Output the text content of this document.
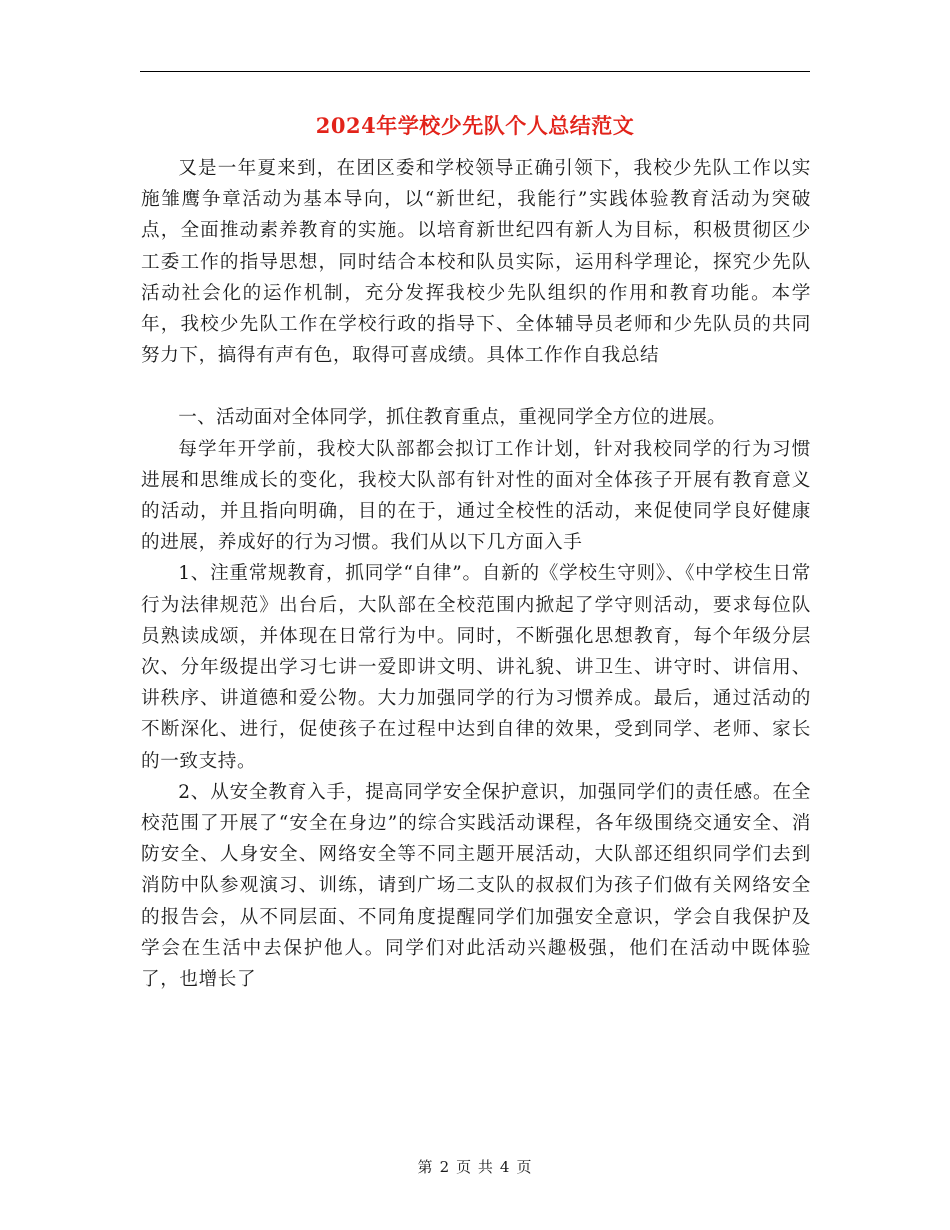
2024年学校少先队个人总结范文

又是一年夏来到，在团区委和学校领导正确引领下，我校少先队工作以实施雏鹰争章活动为基本导向，以“新世纪，我能行”实践体验教育活动为突破点，全面推动素养教育的实施。以培育新世纪四有新人为目标，积极贯彻区少工委工作的指导思想，同时结合本校和队员实际，运用科学理论，探究少先队活动社会化的运作机制，充分发挥我校少先队组织的作用和教育功能。本学年，我校少先队工作在学校行政的指导下、全体辅导员老师和少先队员的共同努力下，搞得有声有色，取得可喜成绩。具体工作作自我总结

一、活动面对全体同学，抓住教育重点，重视同学全方位的进展。

每学年开学前，我校大队部都会拟订工作计划，针对我校同学的行为习惯进展和思维成长的变化，我校大队部有针对性的面对全体孩子开展有教育意义的活动，并且指向明确，目的在于，通过全校性的活动，来促使同学良好健康的进展，养成好的行为习惯。我们从以下几方面入手

1、注重常规教育，抓同学“自律”。自新的《学校生守则》、《中学校生日常行为法律规范》出台后，大队部在全校范围内掀起了学守则活动，要求每位队员熟读成颂，并体现在日常行为中。同时，不断强化思想教育，每个年级分层次、分年级提出学习七讲一爱即讲文明、讲礼貌、讲卫生、讲守时、讲信用、讲秩序、讲道德和爱公物。大力加强同学的行为习惯养成。最后，通过活动的不断深化、进行，促使孩子在过程中达到自律的效果，受到同学、老师、家长的一致支持。

2、从安全教育入手，提高同学安全保护意识，加强同学们的责任感。在全校范围了开展了“安全在身边”的综合实践活动课程，各年级围绕交通安全、消防安全、人身安全、网络安全等不同主题开展活动，大队部还组织同学们去到消防中队参观演习、训练，请到广场二支队的叔叔们为孩子们做有关网络安全的报告会，从不同层面、不同角度提醒同学们加强安全意识，学会自我保护及学会在生活中去保护他人。同学们对此活动兴趣极强，他们在活动中既体验了，也增长了

第 2 页 共 4 页
